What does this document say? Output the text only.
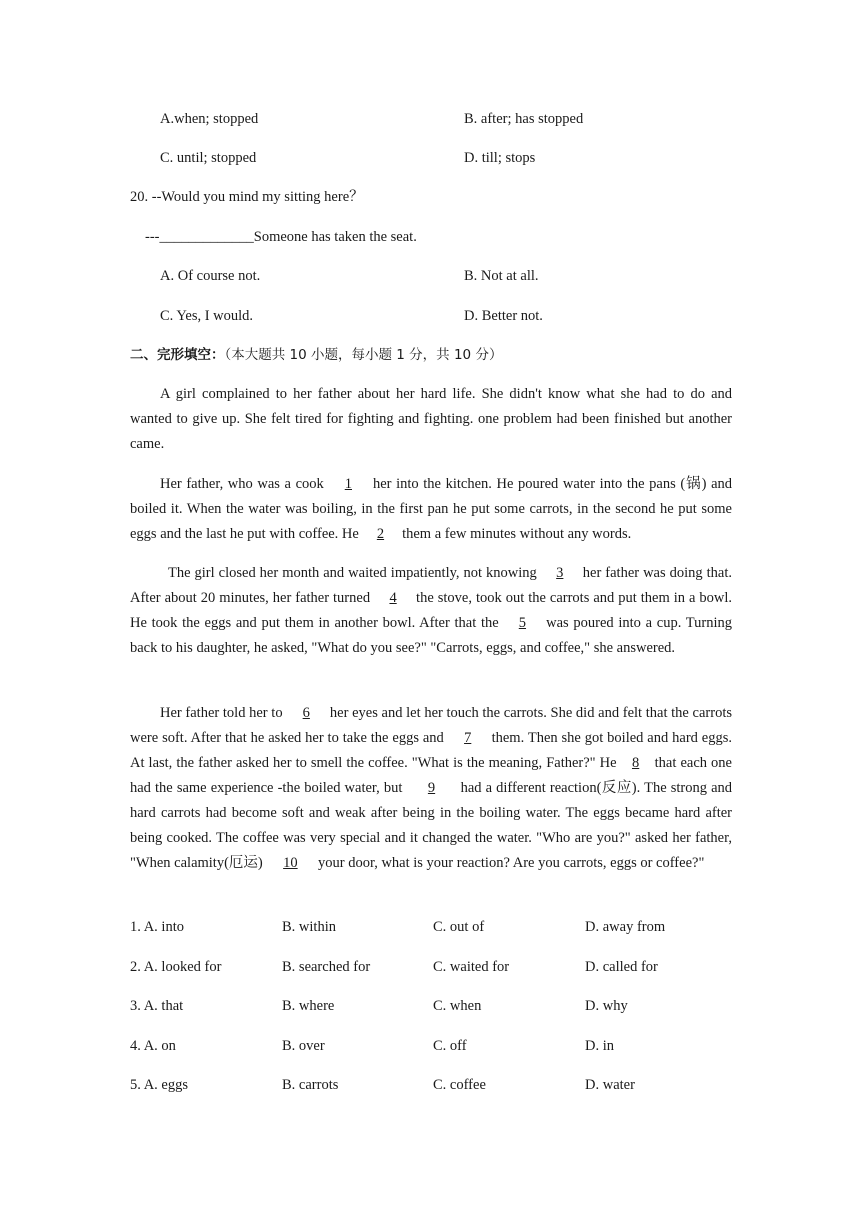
A.when; stopped	B. after; has stopped
C. until; stopped	D. till; stops
20. --Would you mind my sitting here？
---_____________Someone has taken the seat.
A. Of course not.	B. Not at all.
C. Yes, I would.	D. Better not.
二、完形填空：（本大题共 10 小题，每小题 1 分，共 10 分）
A girl complained to her father about her hard life. She didn't know what she had to do and wanted to give up. She felt tired for fighting and fighting. one problem had been finished but another came.
Her father, who was a cook 1 her into the kitchen. He poured water into the pans (锅) and boiled it. When the water was boiling, in the first pan he put some carrots, in the second he put some eggs and the last he put with coffee. He 2 them a few minutes without any words.
The girl closed her month and waited impatiently, not knowing 3 her father was doing that. After about 20 minutes, her father turned 4 the stove, took out the carrots and put them in a bowl. He took the eggs and put them in another bowl. After that the 5 was poured into a cup. Turning back to his daughter, he asked, "What do you see?" "Carrots, eggs, and coffee," she answered.
Her father told her to 6 her eyes and let her touch the carrots. She did and felt that the carrots were soft. After that he asked her to take the eggs and 7 them. Then she got boiled and hard eggs. At last, the father asked her to smell the coffee. "What is the meaning, Father?" He 8 that each one had the same experience -the boiled water, but 9 had a different reaction(反应). The strong and hard carrots had become soft and weak after being in the boiling water. The eggs became hard after being cooked. The coffee was very special and it changed the water. "Who are you?" asked her father, "When calamity(厄运) 10 your door, what is your reaction? Are you carrots, eggs or coffee?"
1. A. into	B. within	C. out of	D. away from
2. A. looked for	B. searched for	C. waited for	D. called for
3. A. that	B. where	C. when	D. why
4. A. on	B. over	C. off	D. in
5. A. eggs	B. carrots	C. coffee	D. water
